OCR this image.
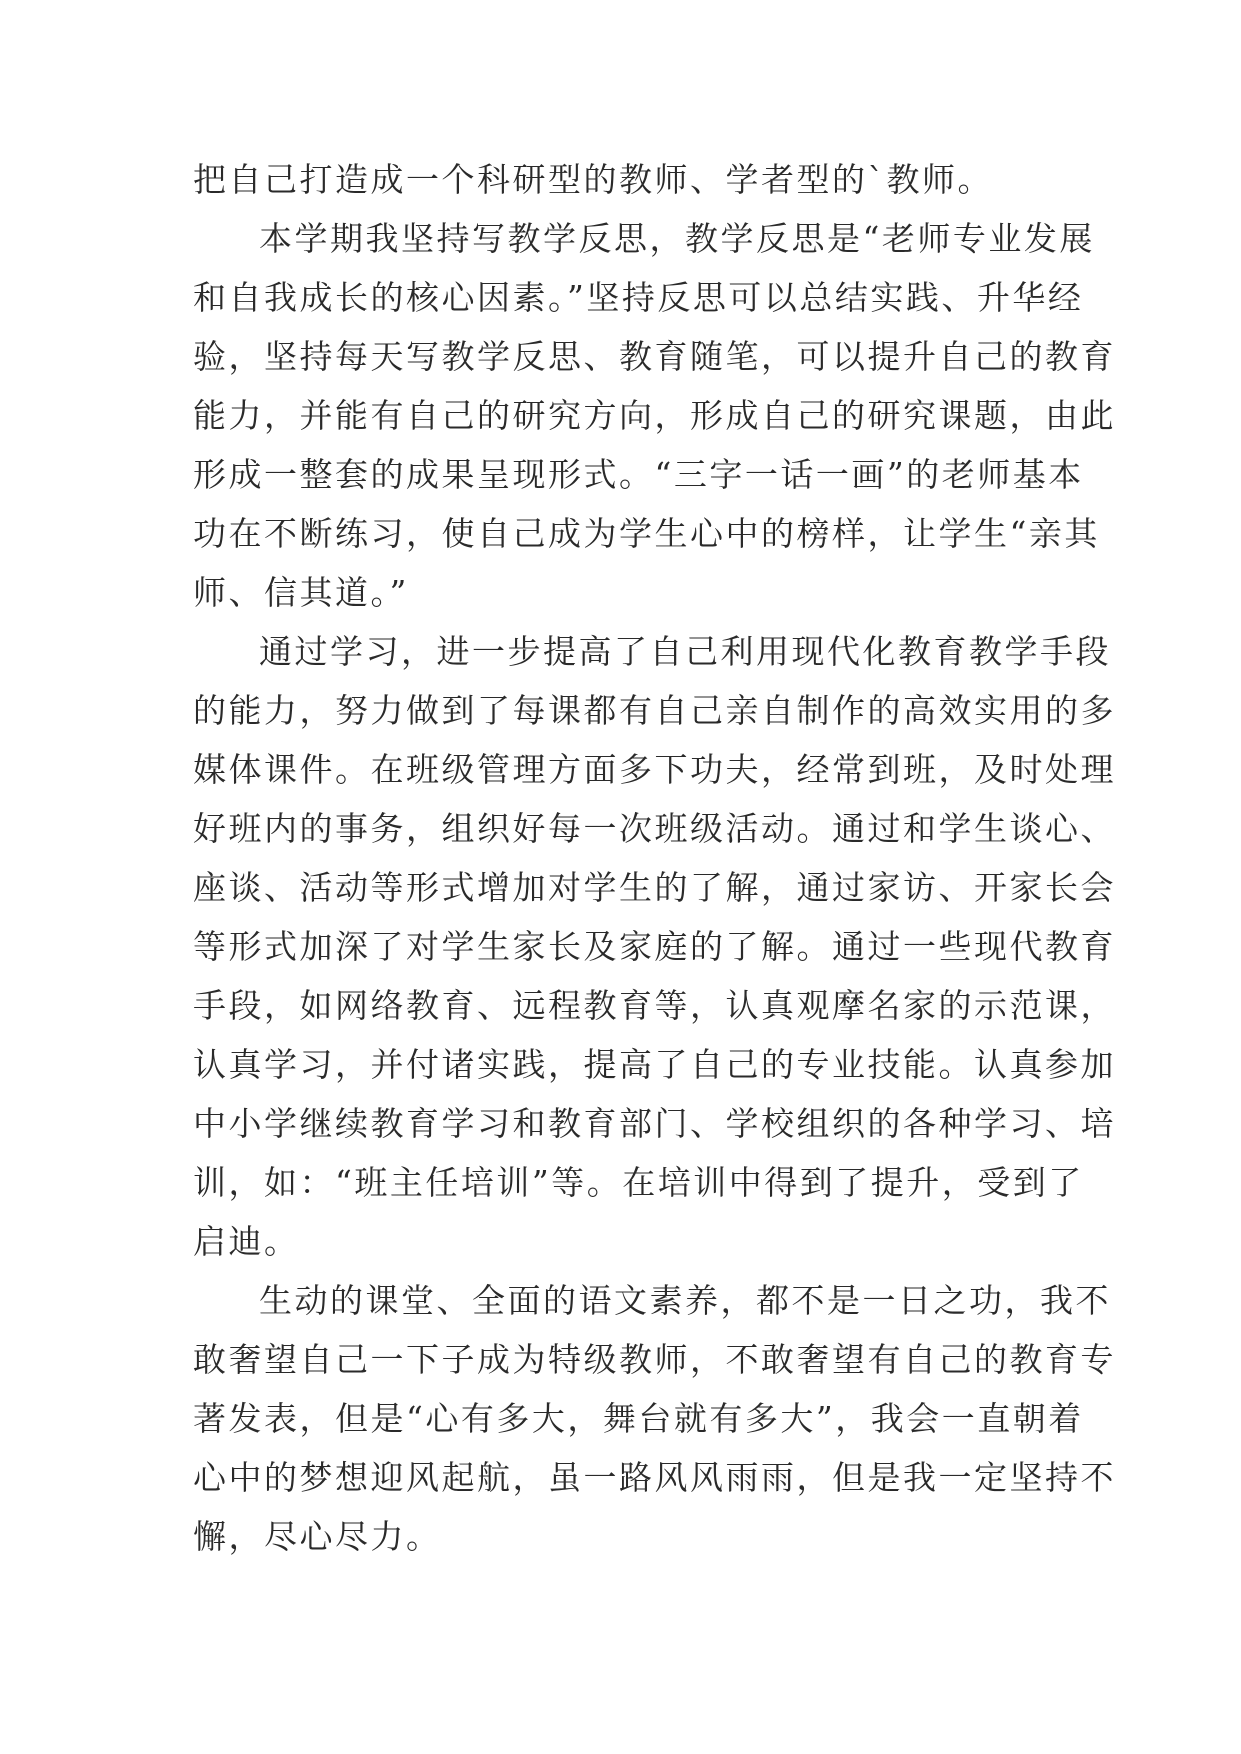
把自己打造成一个科研型的教师、学者型的`教师。
本学期我坚持写教学反思，教学反思是“老师专业发展
和自我成长的核心因素。”坚持反思可以总结实践、升华经
验，坚持每天写教学反思、教育随笔，可以提升自己的教育
能力，并能有自己的研究方向，形成自己的研究课题，由此
形成一整套的成果呈现形式。“三字一话一画”的老师基本
功在不断练习，使自己成为学生心中的榜样，让学生“亲其
师、信其道。”
通过学习，进一步提高了自己利用现代化教育教学手段
的能力，努力做到了每课都有自己亲自制作的高效实用的多
媒体课件。在班级管理方面多下功夫，经常到班，及时处理
好班内的事务，组织好每一次班级活动。通过和学生谈心、
座谈、活动等形式增加对学生的了解，通过家访、开家长会
等形式加深了对学生家长及家庭的了解。通过一些现代教育
手段，如网络教育、远程教育等，认真观摩名家的示范课，
认真学习，并付诸实践，提高了自己的专业技能。认真参加
中小学继续教育学习和教育部门、学校组织的各种学习、培
训，如：“班主任培训”等。在培训中得到了提升，受到了
启迪。
生动的课堂、全面的语文素养，都不是一日之功，我不
敢奢望自己一下子成为特级教师，不敢奢望有自己的教育专
著发表，但是“心有多大，舞台就有多大”，我会一直朝着
心中的梦想迎风起航，虽一路风风雨雨，但是我一定坚持不
懈，尽心尽力。
